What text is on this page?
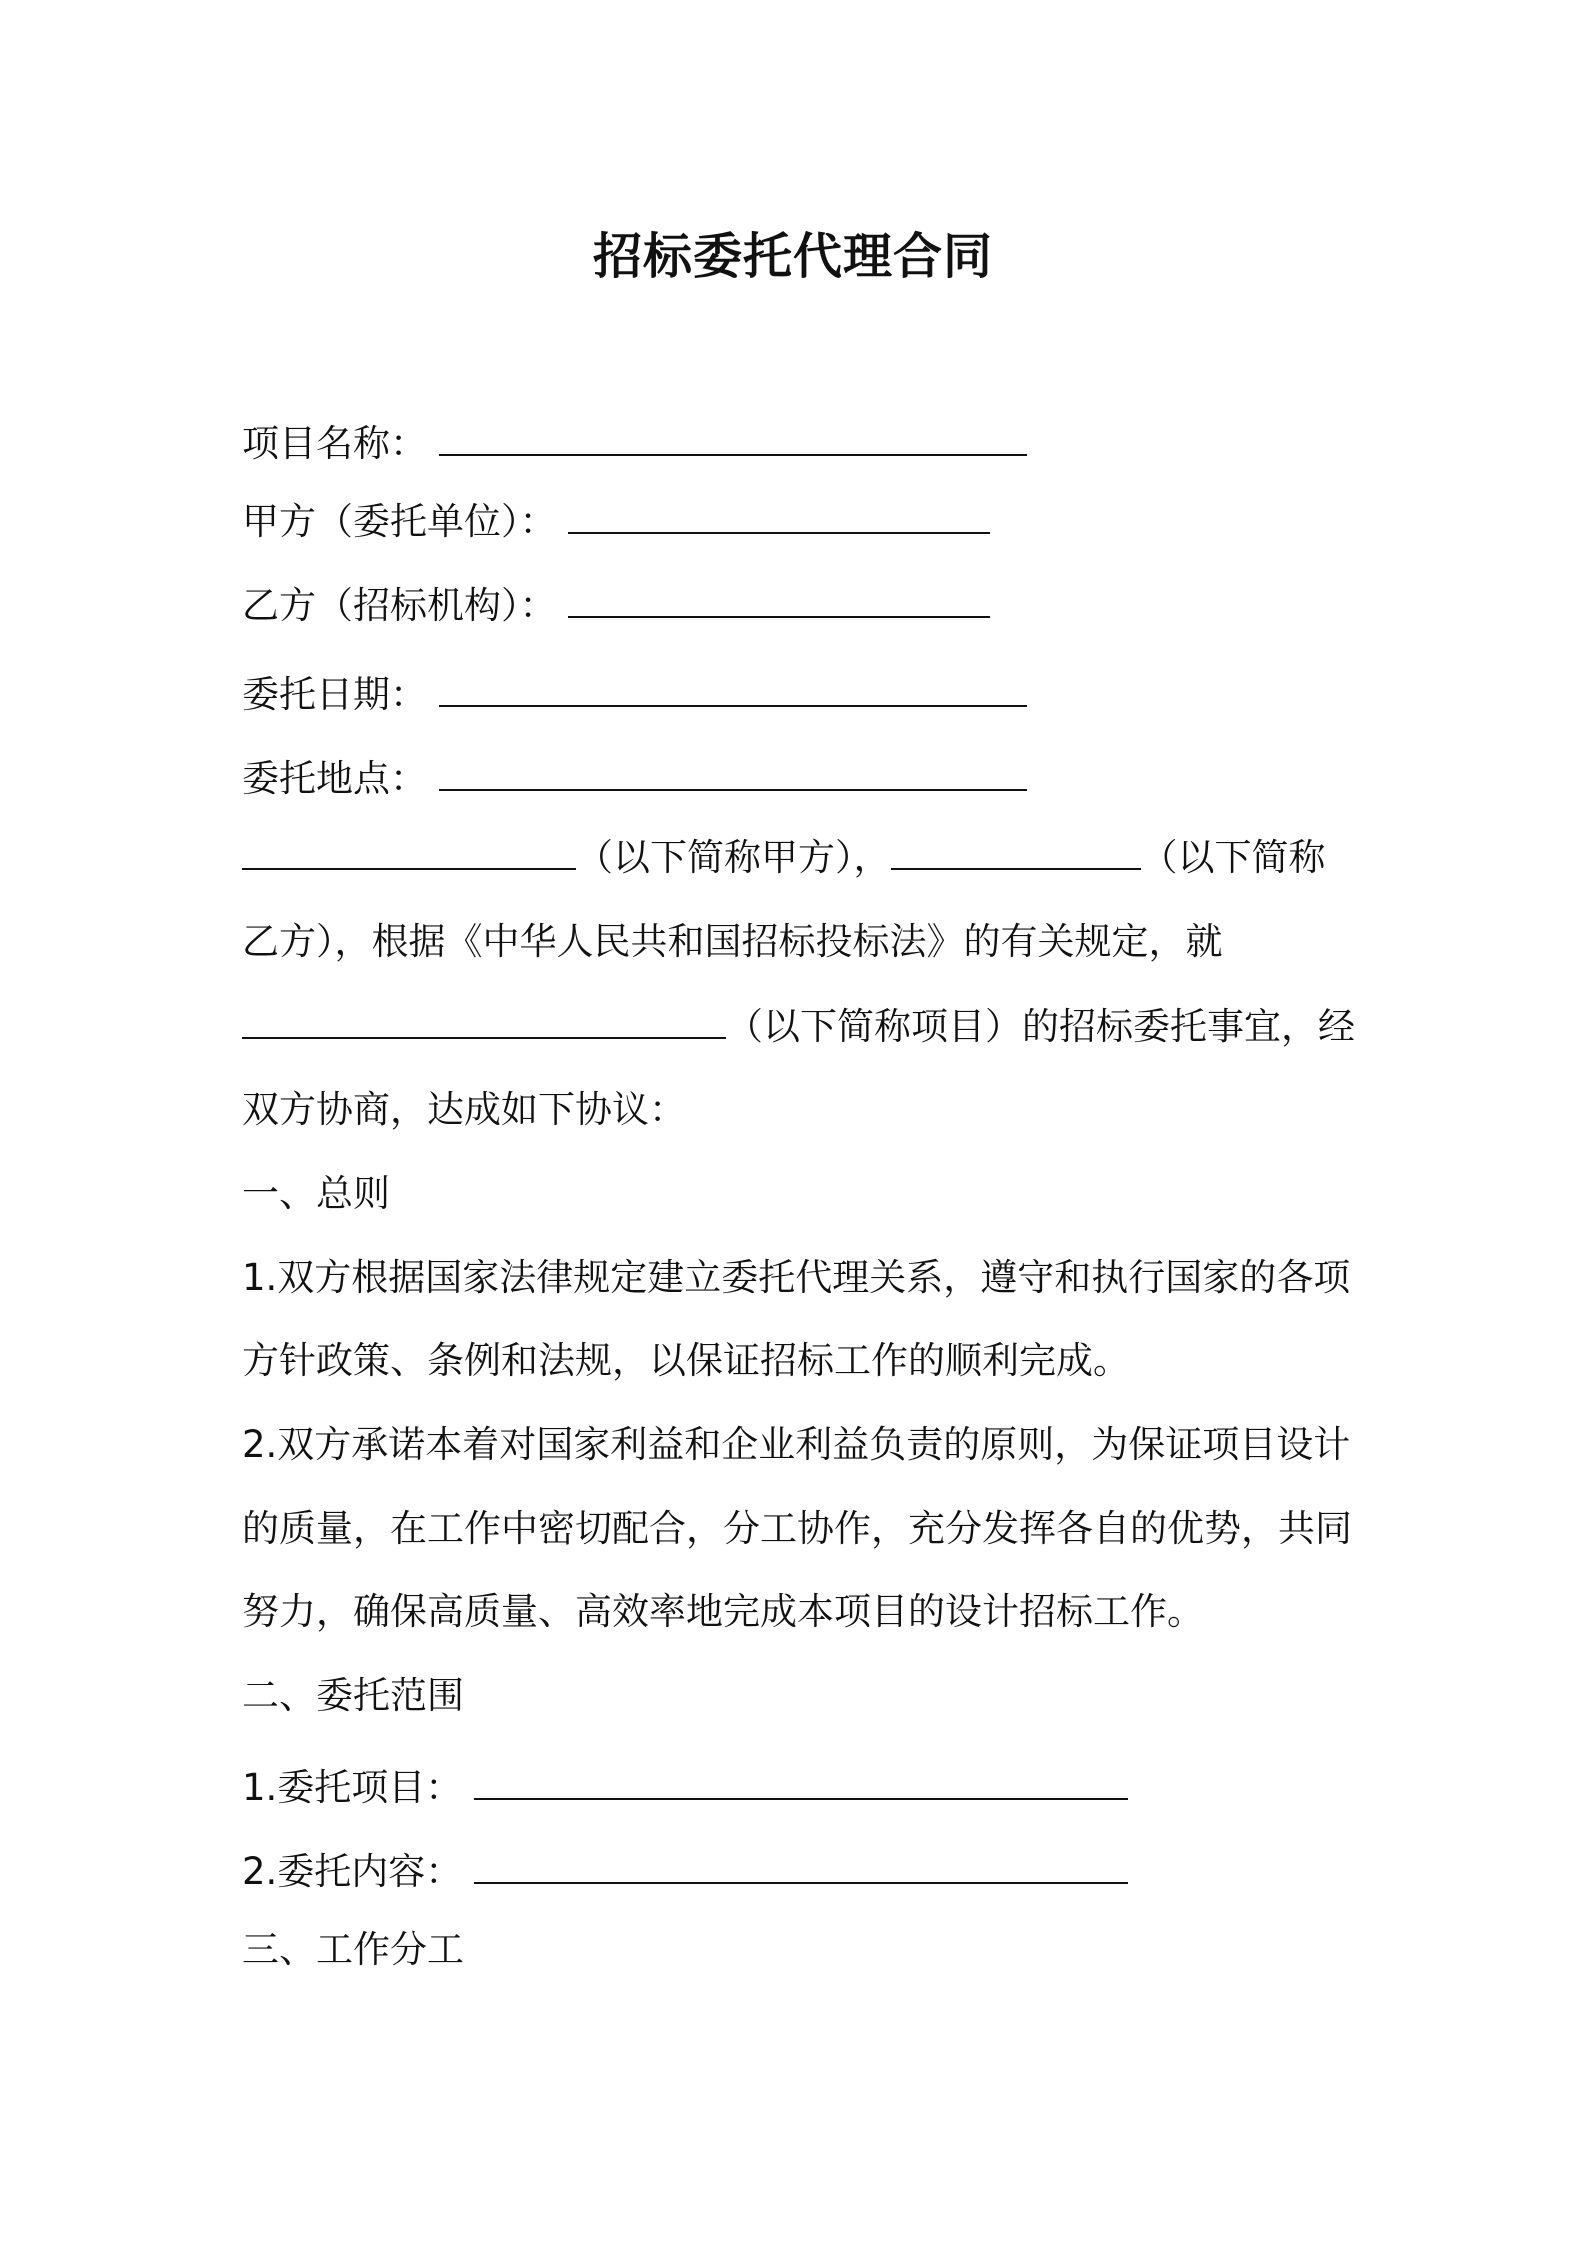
招标委托代理合同
项目名称：
甲方（委托单位）：
乙方（招标机构）：
委托日期：
委托地点：
（以下简称甲方），	（以下简称
乙方），根据《中华人民共和国招标投标法》的有关规定，就
（以下简称项目）的招标委托事宜，经
双方协商，达成如下协议：
一、总则
1.双方根据国家法律规定建立委托代理关系，遵守和执行国家的各项
方针政策、条例和法规，以保证招标工作的顺利完成。
2.双方承诺本着对国家利益和企业利益负责的原则，为保证项目设计
的质量，在工作中密切配合，分工协作，充分发挥各自的优势，共同
努力，确保高质量、高效率地完成本项目的设计招标工作。
二、委托范围
1.委托项目：
2.委托内容：
三、工作分工
